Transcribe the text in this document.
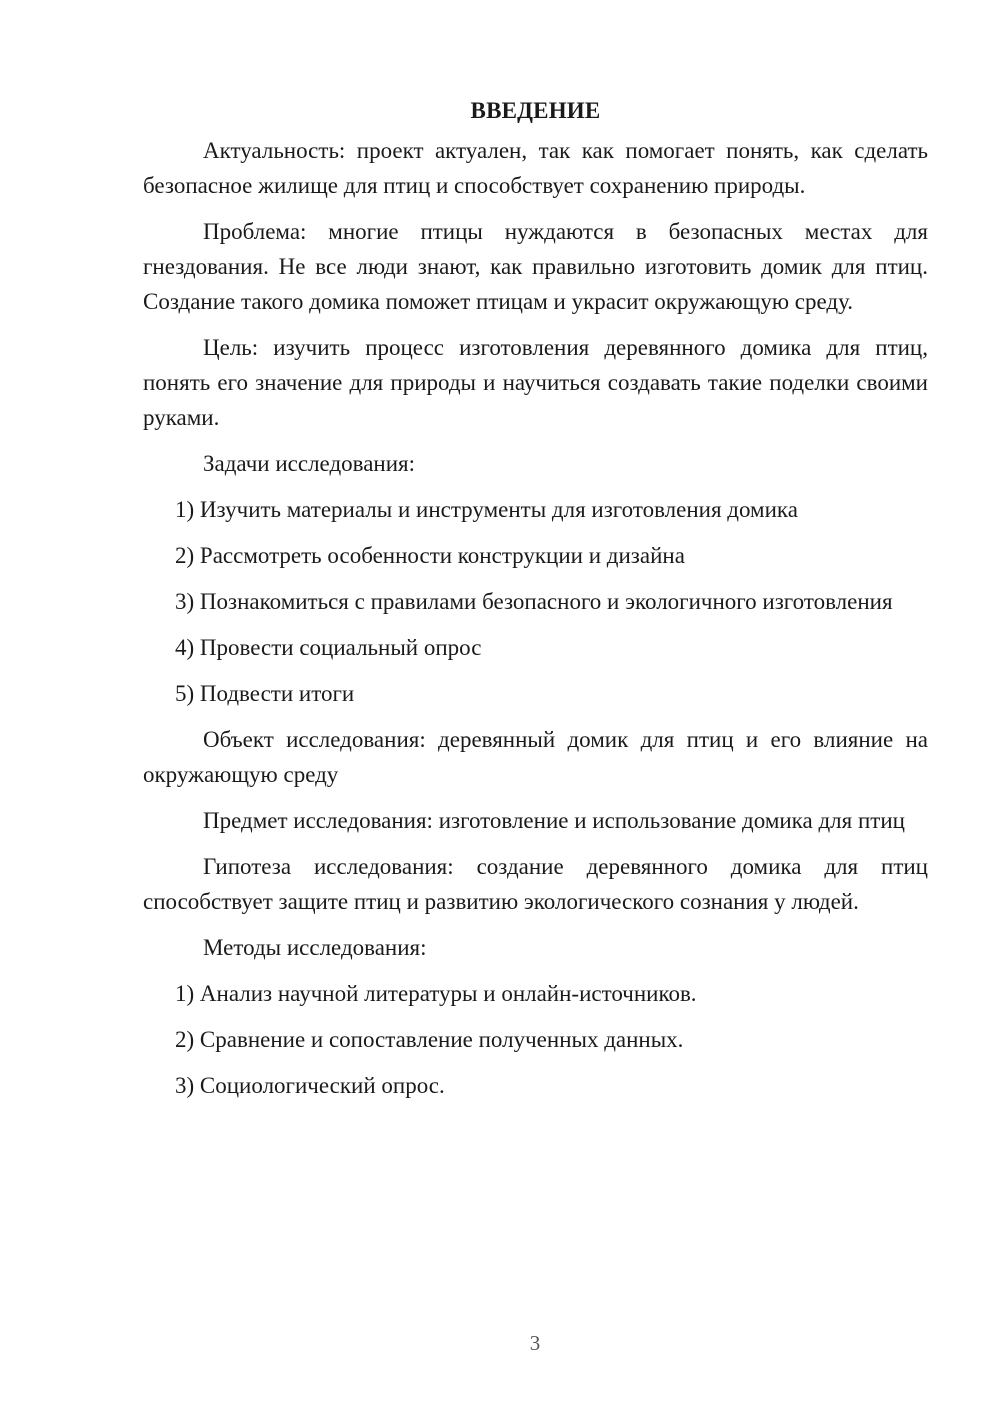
ВВЕДЕНИЕ

Актуальность: проект актуален, так как помогает понять, как сделать безопасное жилище для птиц и способствует сохранению природы.

Проблема: многие птицы нуждаются в безопасных местах для гнездования. Не все люди знают, как правильно изготовить домик для птиц. Создание такого домика поможет птицам и украсит окружающую среду.

Цель: изучить процесс изготовления деревянного домика для птиц, понять его значение для природы и научиться создавать такие поделки своими руками.

Задачи исследования:

1) Изучить материалы и инструменты для изготовления домика

2) Рассмотреть особенности конструкции и дизайна

3) Познакомиться с правилами безопасного и экологичного изготовления

4) Провести социальный опрос

5) Подвести итоги

Объект исследования: деревянный домик для птиц и его влияние на окружающую среду

Предмет исследования: изготовление и использование домика для птиц

Гипотеза исследования: создание деревянного домика для птиц способствует защите птиц и развитию экологического сознания у людей.

Методы исследования:

1) Анализ научной литературы и онлайн-источников.

2) Сравнение и сопоставление полученных данных.

3) Социологический опрос.

3
